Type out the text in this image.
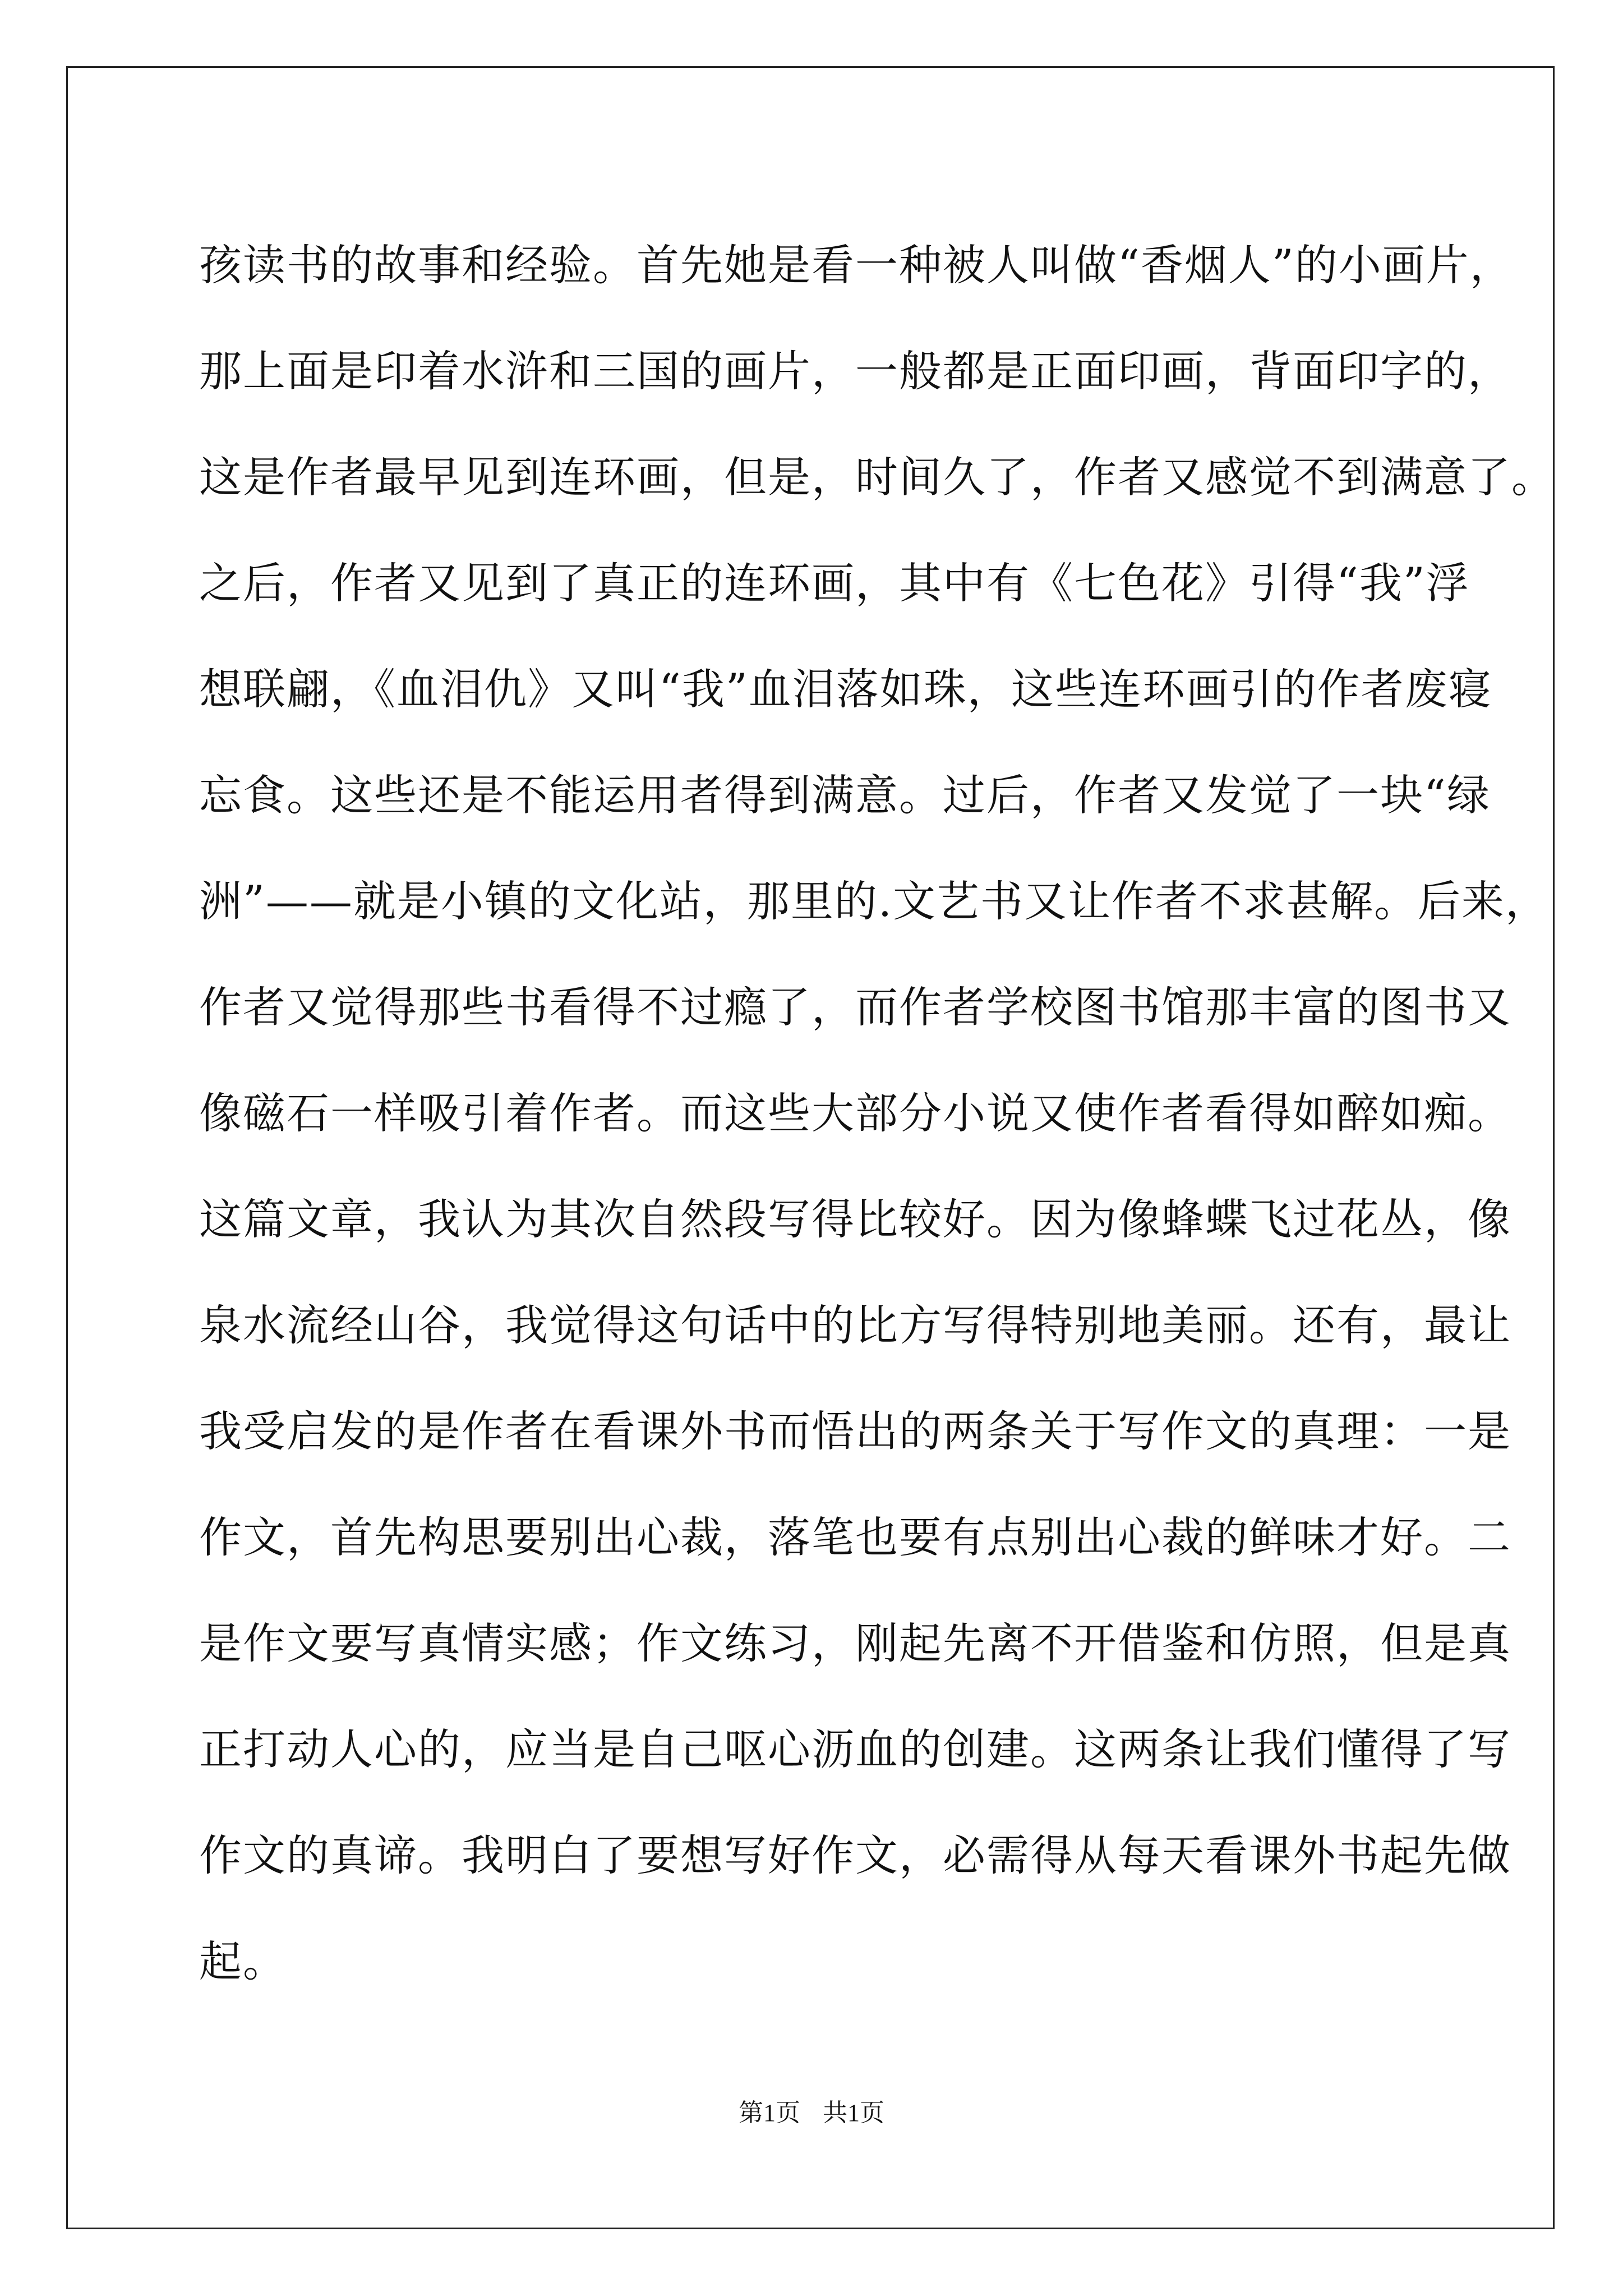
孩读书的故事和经验。首先她是看一种被人叫做“香烟人”的小画片，
那上面是印着水浒和三国的画片，一般都是正面印画，背面印字的，
这是作者最早见到连环画，但是，时间久了，作者又感觉不到满意了。
之后，作者又见到了真正的连环画，其中有《七色花》引得“我”浮
想联翩，《血泪仇》又叫“我”血泪落如珠，这些连环画引的作者废寝
忘食。这些还是不能运用者得到满意。过后，作者又发觉了一块“绿
洲”——就是小镇的文化站，那里的.文艺书又让作者不求甚解。后来，
作者又觉得那些书看得不过瘾了，而作者学校图书馆那丰富的图书又
像磁石一样吸引着作者。而这些大部分小说又使作者看得如醉如痴。
这篇文章，我认为其次自然段写得比较好。因为像蜂蝶飞过花丛，像
泉水流经山谷，我觉得这句话中的比方写得特别地美丽。还有，最让
我受启发的是作者在看课外书而悟出的两条关于写作文的真理：一是
作文，首先构思要别出心裁，落笔也要有点别出心裁的鲜味才好。二
是作文要写真情实感；作文练习，刚起先离不开借鉴和仿照，但是真
正打动人心的，应当是自己呕心沥血的创建。这两条让我们懂得了写
作文的真谛。我明白了要想写好作文，必需得从每天看课外书起先做
起。
第1页 共1页
